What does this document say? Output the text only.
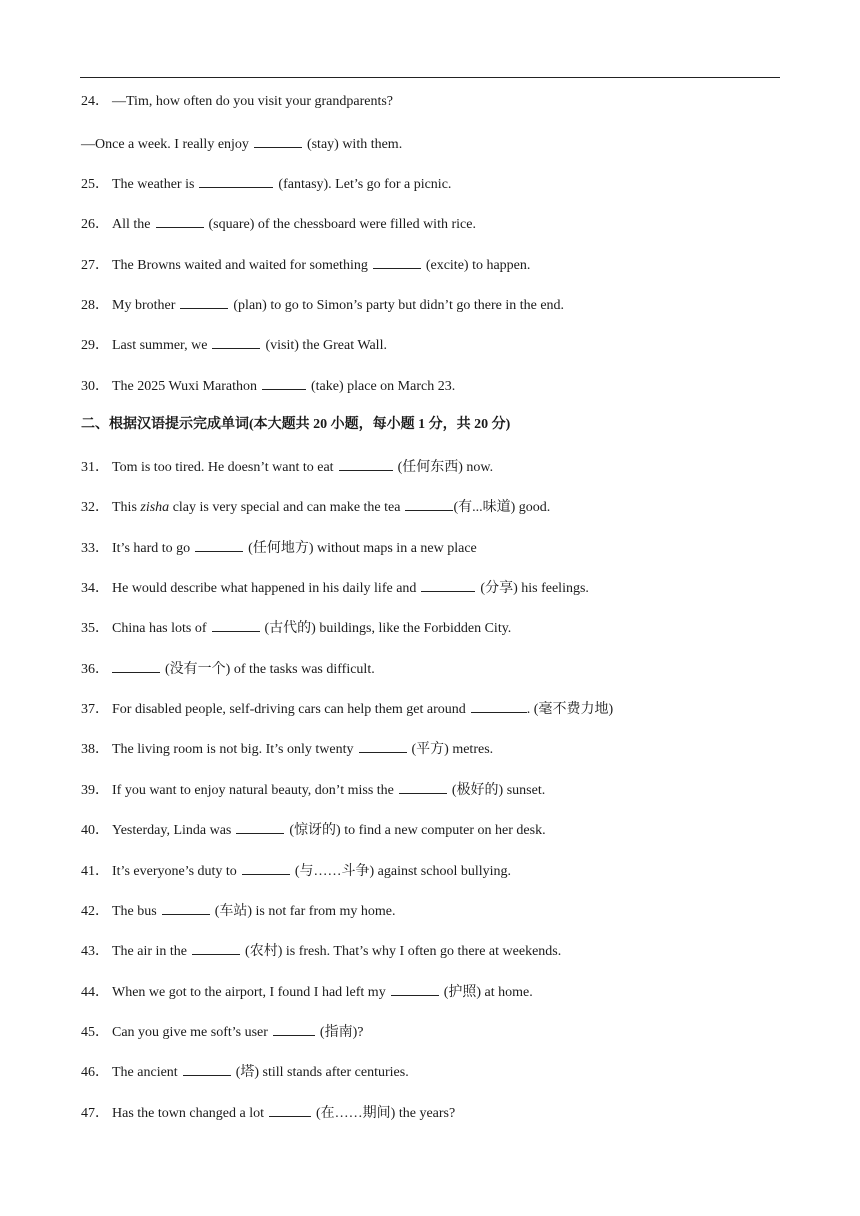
24． —Tim, how often do you visit your grandparents?
—Once a week. I really enjoy	(stay) with them.
25． The weather is	(fantasy). Let’s go for a picnic.
26． All the	(square) of the chessboard were filled with rice.
27． The Browns waited and waited for something	(excite) to happen.
28． My brother	(plan) to go to Simon’s party but didn’t go there in the end.
29． Last summer, we	(visit) the Great Wall.
30． The 2025 Wuxi Marathon	(take) place on March 23.
二、根据汉语提示完成单词(本大题共 20 小题，每小题 1 分，共 20 分)
31． Tom is too tired. He doesn’t want to eat	(任何东西) now.
32． This zisha clay is very special and can make the tea	(有...味道) good.
33． It’s hard to go	(任何地方) without maps in a new place
34． He would describe what happened in his daily life and	(分享) his feelings.
35． China has lots of	(古代的) buildings, like the Forbidden City.
36．	(没有一个) of the tasks was difficult.
37． For disabled people, self-driving cars can help them get around	. (毫不费力地)
38． The living room is not big. It’s only twenty	(平方) metres.
39． If you want to enjoy natural beauty, don’t miss the	(极好的) sunset.
40． Yesterday, Linda was	(惊讶的) to find a new computer on her desk.
41． It’s everyone’s duty to	(与……斗争) against school bullying.
42． The bus	(车站) is not far from my home.
43． The air in the	(农村) is fresh. That’s why I often go there at weekends.
44． When we got to the airport, I found I had left my	(护照) at home.
45． Can you give me soft’s user	(指南)?
46． The ancient	(塔) still stands after centuries.
47． Has the town changed a lot	(在……期间) the years?
